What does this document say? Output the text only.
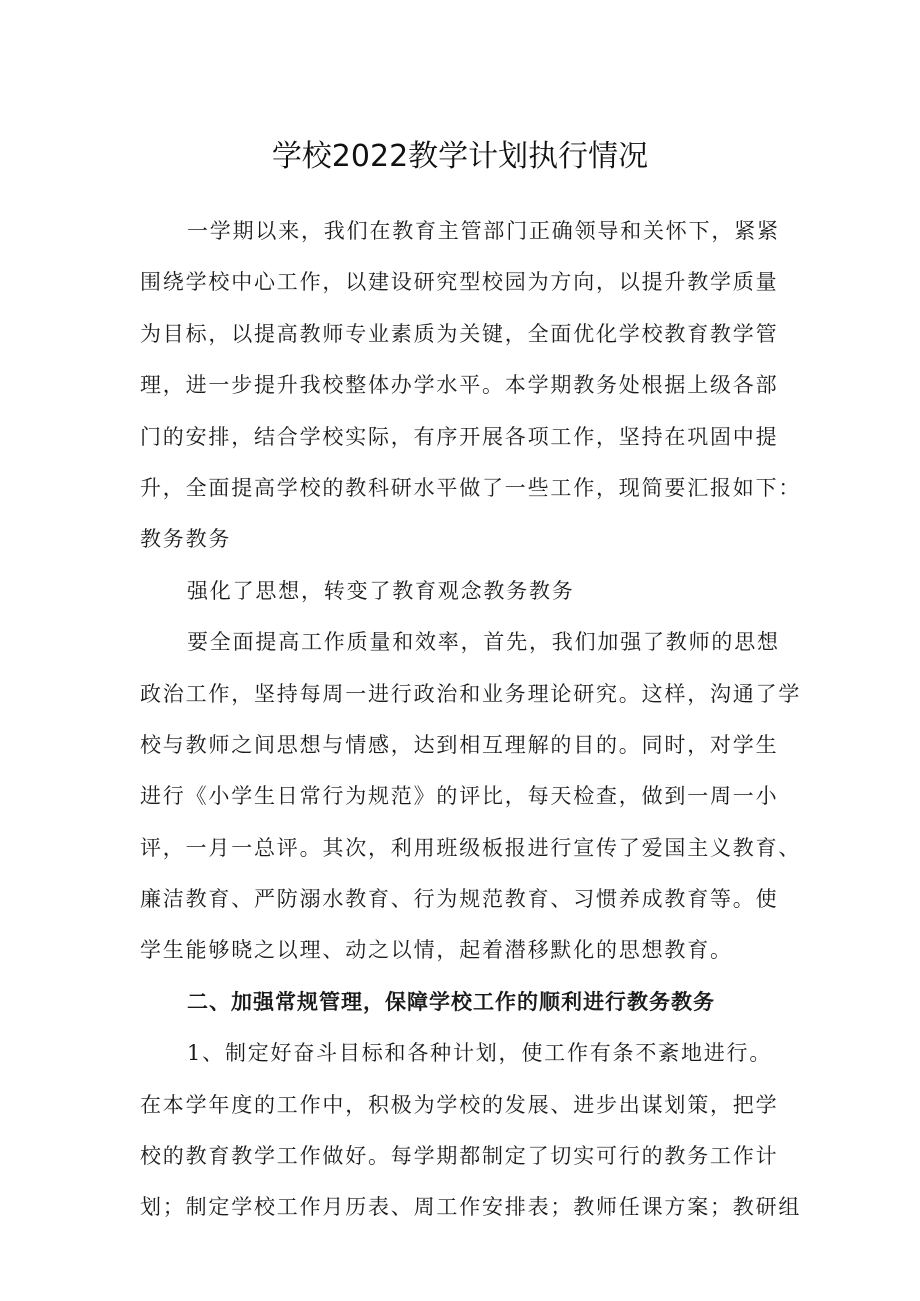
学校2022教学计划执行情况
一学期以来，我们在教育主管部门正确领导和关怀下，紧紧
围绕学校中心工作，以建设研究型校园为方向，以提升教学质量
为目标，以提高教师专业素质为关键，全面优化学校教育教学管
理，进一步提升我校整体办学水平。本学期教务处根据上级各部
门的安排，结合学校实际，有序开展各项工作，坚持在巩固中提
升，全面提高学校的教科研水平做了一些工作，现简要汇报如下：
教务教务
强化了思想，转变了教育观念教务教务
要全面提高工作质量和效率，首先，我们加强了教师的思想
政治工作，坚持每周一进行政治和业务理论研究。这样，沟通了学
校与教师之间思想与情感，达到相互理解的目的。同时，对学生
进行《小学生日常行为规范》的评比，每天检查，做到一周一小
评，一月一总评。其次，利用班级板报进行宣传了爱国主义教育、
廉洁教育、严防溺水教育、行为规范教育、习惯养成教育等。使
学生能够晓之以理、动之以情，起着潜移默化的思想教育。
二、加强常规管理，保障学校工作的顺利进行教务教务
1、制定好奋斗目标和各种计划，使工作有条不紊地进行。
在本学年度的工作中，积极为学校的发展、进步出谋划策，把学
校的教育教学工作做好。每学期都制定了切实可行的教务工作计
划；制定学校工作月历表、周工作安排表；教师任课方案；教研组
